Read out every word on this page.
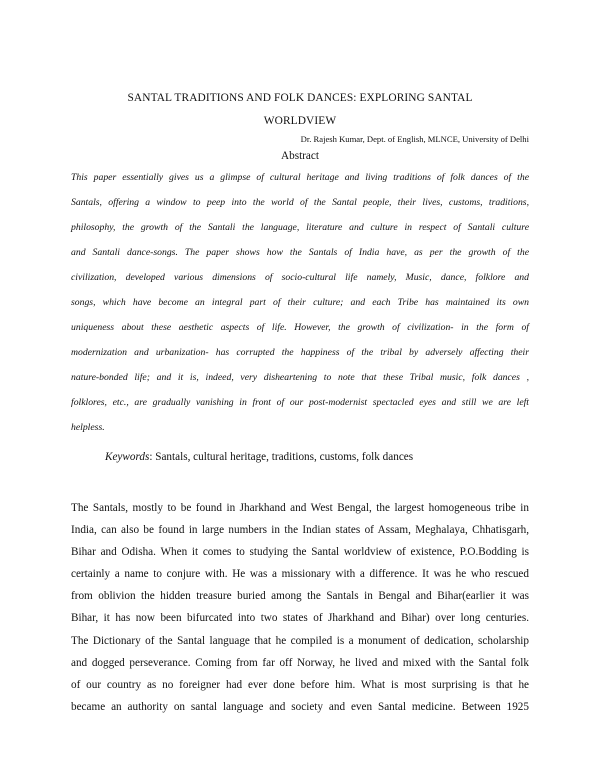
SANTAL TRADITIONS AND FOLK DANCES: EXPLORING SANTAL
WORLDVIEW
Dr. Rajesh Kumar, Dept. of English, MLNCE, University of Delhi
Abstract
This paper essentially gives us a glimpse of cultural heritage and living traditions of folk dances of the
Santals, offering a window to peep into the world of the Santal people, their lives, customs, traditions,
philosophy, the growth of the Santali the language, literature and culture in respect of Santali culture
and Santali dance-songs. The paper shows how the Santals of India have, as per the growth of the
civilization, developed various dimensions of socio-cultural life namely, Music, dance, folklore and
songs, which have become an integral part of their culture; and each Tribe has maintained its own
uniqueness about these aesthetic aspects of life. However, the growth of civilization- in the form of
modernization and urbanization- has corrupted the happiness of the tribal by adversely affecting their
nature-bonded life; and it is, indeed, very disheartening to note that these Tribal music, folk dances ,
folklores, etc., are gradually vanishing in front of our post-modernist spectacled eyes and still we are left
helpless.
Keywords: Santals, cultural heritage, traditions, customs, folk dances
The Santals, mostly to be found in Jharkhand and West Bengal, the largest homogeneous tribe in
India, can also be found in large numbers in the Indian states of Assam, Meghalaya, Chhatisgarh,
Bihar and Odisha. When it comes to studying the Santal worldview of existence, P.O.Bodding is
certainly a name to conjure with. He was a missionary with a difference. It was he who rescued
from oblivion the hidden treasure buried among the Santals in Bengal and Bihar(earlier it was
Bihar, it has now been bifurcated into two states of Jharkhand and Bihar) over long centuries.
The Dictionary of the Santal language that he compiled is a monument of dedication, scholarship
and dogged perseverance. Coming from far off Norway, he lived and mixed with the Santal folk
of our country as no foreigner had ever done before him. What is most surprising is that he
became an authority on santal language and society and even Santal medicine. Between 1925
